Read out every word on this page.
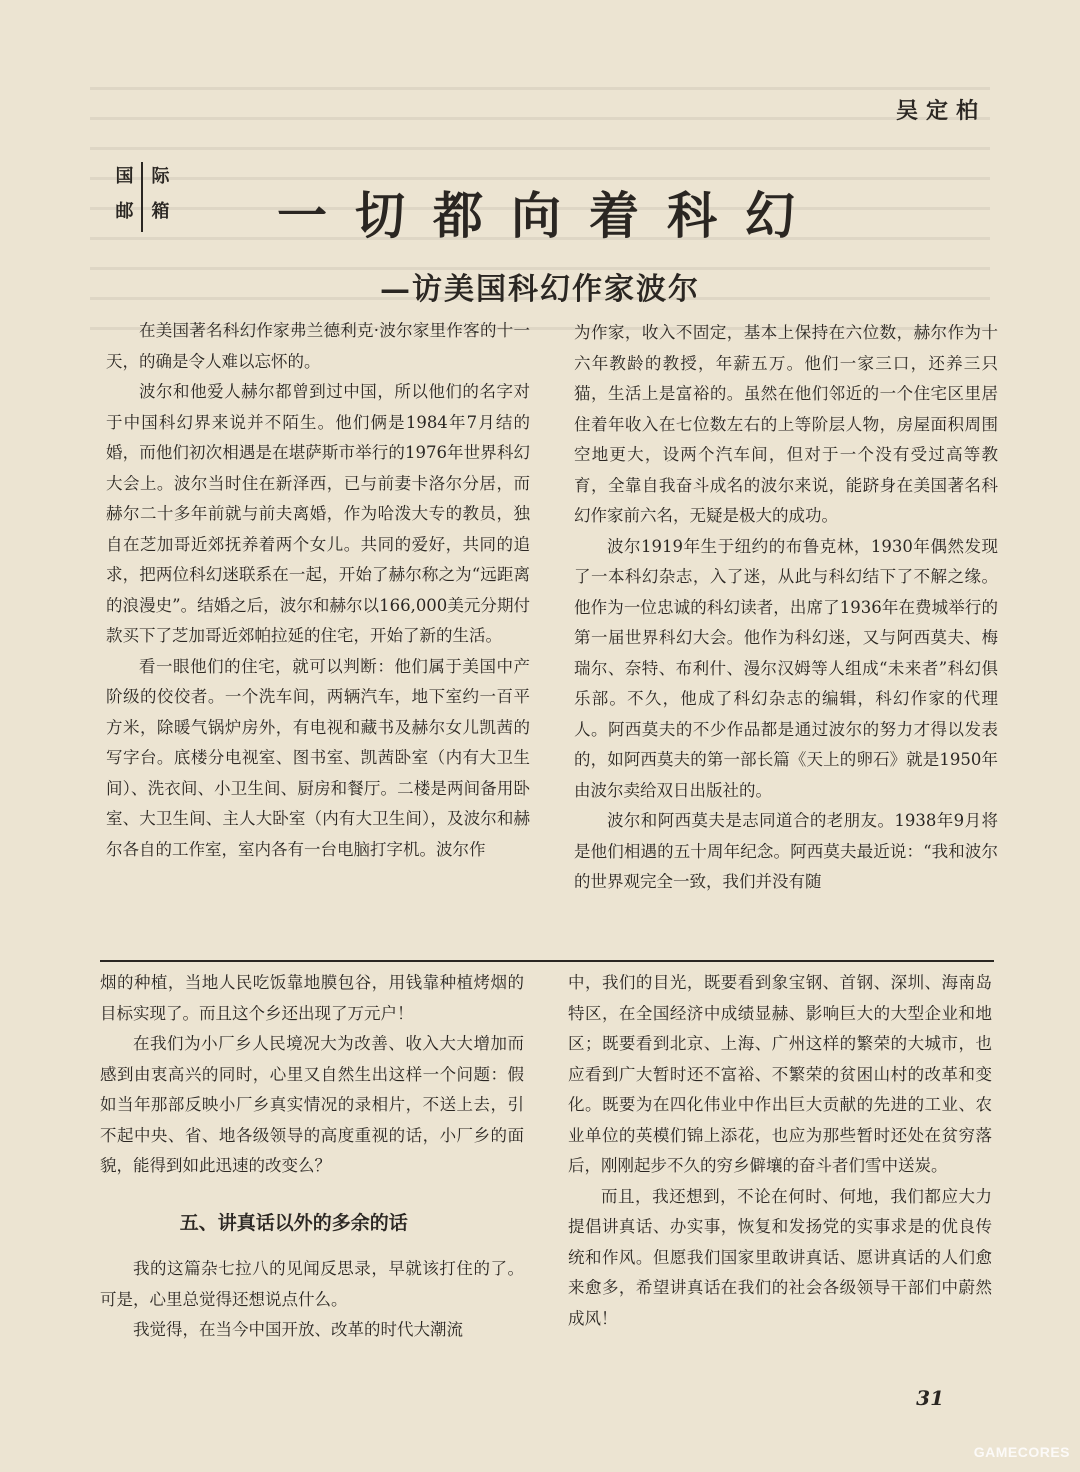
吴定柏
国	际
邮	箱	一切都向着科幻
—访美国科幻作家波尔

在美国著名科幻作家弗兰德利克·波尔家里作客的十一天，的确是令人难以忘怀的。

波尔和他爱人赫尔都曾到过中国，所以他们的名字对于中国科幻界来说并不陌生。他们俩是1984年7月结的婚，而他们初次相遇是在堪萨斯市举行的1976年世界科幻大会上。波尔当时住在新泽西，已与前妻卡洛尔分居，而赫尔二十多年前就与前夫离婚，作为哈泼大专的教员，独自在芝加哥近郊抚养着两个女儿。共同的爱好，共同的追求，把两位科幻迷联系在一起，开始了赫尔称之为“远距离的浪漫史”。结婚之后，波尔和赫尔以166,000美元分期付款买下了芝加哥近郊帕拉延的住宅，开始了新的生活。

看一眼他们的住宅，就可以判断：他们属于美国中产阶级的佼佼者。一个洗车间，两辆汽车，地下室约一百平方米，除暖气锅炉房外，有电视和藏书及赫尔女儿凯茜的写字台。底楼分电视室、图书室、凯茜卧室（内有大卫生间）、洗衣间、小卫生间、厨房和餐厅。二楼是两间备用卧室、大卫生间、主人大卧室（内有大卫生间），及波尔和赫尔各自的工作室，室内各有一台电脑打字机。波尔作

为作家，收入不固定，基本上保持在六位数，赫尔作为十六年教龄的教授，年薪五万。他们一家三口，还养三只猫，生活上是富裕的。虽然在他们邻近的一个住宅区里居住着年收入在七位数左右的上等阶层人物，房屋面积周围空地更大，设两个汽车间，但对于一个没有受过高等教育，全靠自我奋斗成名的波尔来说，能跻身在美国著名科幻作家前六名，无疑是极大的成功。

波尔1919年生于纽约的布鲁克林，1930年偶然发现了一本科幻杂志，入了迷，从此与科幻结下了不解之缘。他作为一位忠诚的科幻读者，出席了1936年在费城举行的第一届世界科幻大会。他作为科幻迷，又与阿西莫夫、梅瑞尔、奈特、布利什、漫尔汉姆等人组成“未来者”科幻俱乐部。不久，他成了科幻杂志的编辑，科幻作家的代理人。阿西莫夫的不少作品都是通过波尔的努力才得以发表的，如阿西莫夫的第一部长篇《天上的卵石》就是1950年由波尔卖给双日出版社的。

波尔和阿西莫夫是志同道合的老朋友。1938年9月将是他们相遇的五十周年纪念。阿西莫夫最近说：“我和波尔的世界观完全一致，我们并没有随

烟的种植，当地人民吃饭靠地膜包谷，用钱靠种植烤烟的目标实现了。而且这个乡还出现了万元户！

在我们为小厂乡人民境况大为改善、收入大大增加而感到由衷高兴的同时，心里又自然生出这样一个问题：假如当年那部反映小厂乡真实情况的录相片，不送上去，引不起中央、省、地各级领导的高度重视的话，小厂乡的面貌，能得到如此迅速的改变么？

五、讲真话以外的多余的话

我的这篇杂七拉八的见闻反思录，早就该打住的了。可是，心里总觉得还想说点什么。

我觉得，在当今中国开放、改革的时代大潮流

中，我们的目光，既要看到象宝钢、首钢、深圳、海南岛特区，在全国经济中成绩显赫、影响巨大的大型企业和地区；既要看到北京、上海、广州这样的繁荣的大城市，也应看到广大暂时还不富裕、不繁荣的贫困山村的改革和变化。既要为在四化伟业中作出巨大贡献的先进的工业、农业单位的英模们锦上添花，也应为那些暂时还处在贫穷落后，刚刚起步不久的穷乡僻壤的奋斗者们雪中送炭。

而且，我还想到，不论在何时、何地，我们都应大力提倡讲真话、办实事，恢复和发扬党的实事求是的优良传统和作风。但愿我们国家里敢讲真话、愿讲真话的人们愈来愈多，希望讲真话在我们的社会各级领导干部们中蔚然成风！

31
GAMECORES
